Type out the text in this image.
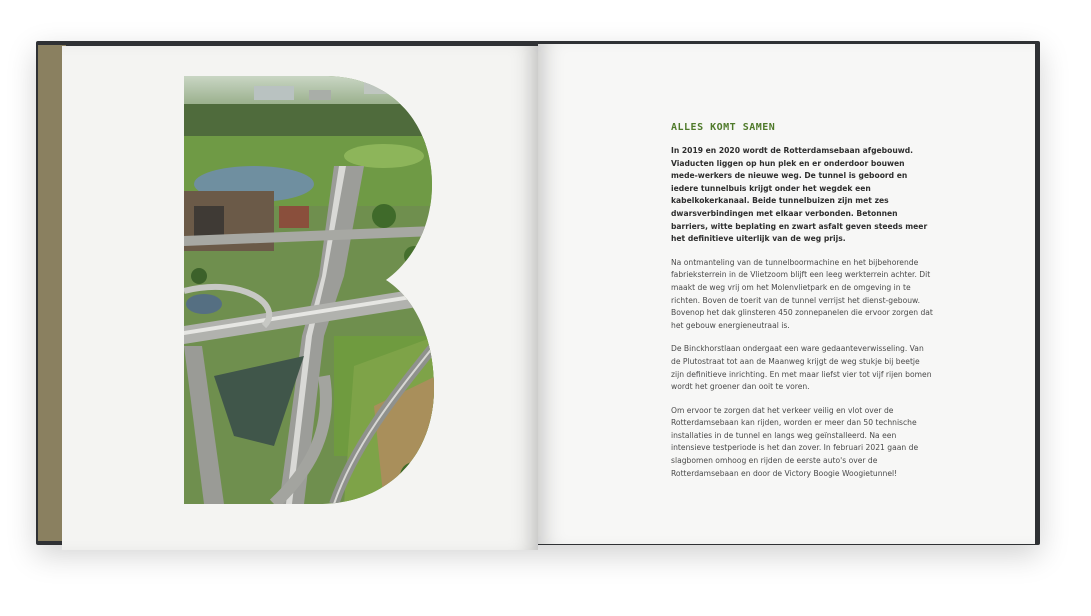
ALLES KOMT SAMEN

In 2019 en 2020 wordt de Rotterdamsebaan afgebouwd. Viaducten liggen op hun plek en er onderdoor bouwen mede-werkers de nieuwe weg. De tunnel is geboord en iedere tunnelbuis krijgt onder het wegdek een kabelkokerkanaal. Beide tunnelbuizen zijn met zes dwarsverbindingen met elkaar verbonden. Betonnen barriers, witte beplating en zwart asfalt geven steeds meer het definitieve uiterlijk van de weg prijs.

Na ontmanteling van de tunnelboormachine en het bijbehorende fabrieksterrein in de Vlietzoom blijft een leeg werkterrein achter. Dit maakt de weg vrij om het Molenvlietpark en de omgeving in te richten. Boven de toerit van de tunnel verrijst het dienst-gebouw. Bovenop het dak glinsteren 450 zonnepanelen die ervoor zorgen dat het gebouw energieneutraal is.

De Binckhorstlaan ondergaat een ware gedaanteverwisseling. Van de Plutostraat tot aan de Maanweg krijgt de weg stukje bij beetje zijn definitieve inrichting. En met maar liefst vier tot vijf rijen bomen wordt het groener dan ooit te voren.

Om ervoor te zorgen dat het verkeer veilig en vlot over de Rotterdamsebaan kan rijden, worden er meer dan 50 technische installaties in de tunnel en langs weg geïnstalleerd. Na een intensieve testperiode is het dan zover. In februari 2021 gaan de slagbomen omhoog en rijden de eerste auto's over de Rotterdamsebaan en door de Victory Boogie Woogietunnel!
